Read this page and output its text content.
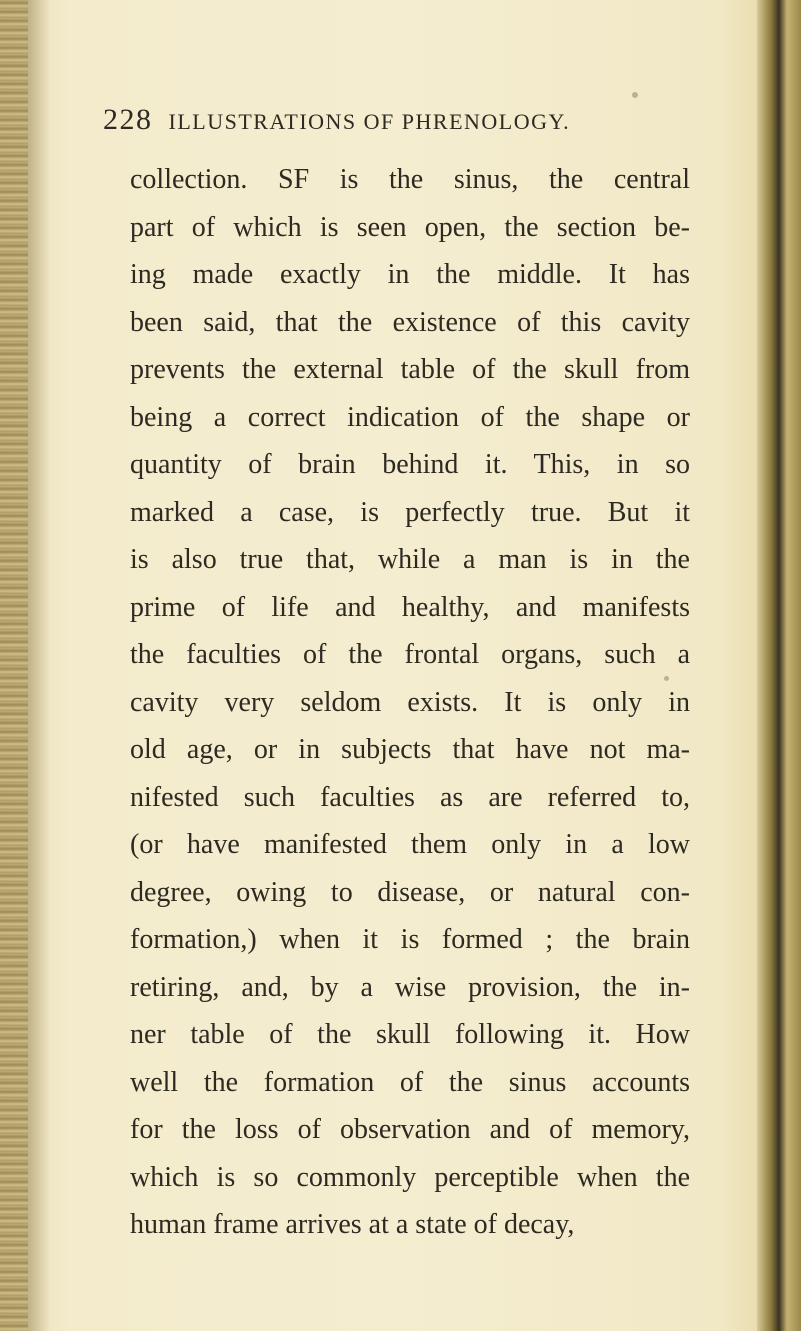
228 ILLUSTRATIONS OF PHRENOLOGY.
collection. SF is the sinus, the central
part of which is seen open, the section be-
ing made exactly in the middle. It has
been said, that the existence of this cavity
prevents the external table of the skull from
being a correct indication of the shape or
quantity of brain behind it. This, in so
marked a case, is perfectly true. But it
is also true that, while a man is in the
prime of life and healthy, and manifests
the faculties of the frontal organs, such a
cavity very seldom exists. It is only in
old age, or in subjects that have not ma-
nifested such faculties as are referred to,
(or have manifested them only in a low
degree, owing to disease, or natural con-
formation,) when it is formed ; the brain
retiring, and, by a wise provision, the in-
ner table of the skull following it. How
well the formation of the sinus accounts
for the loss of observation and of memory,
which is so commonly perceptible when the
human frame arrives at a state of decay,
